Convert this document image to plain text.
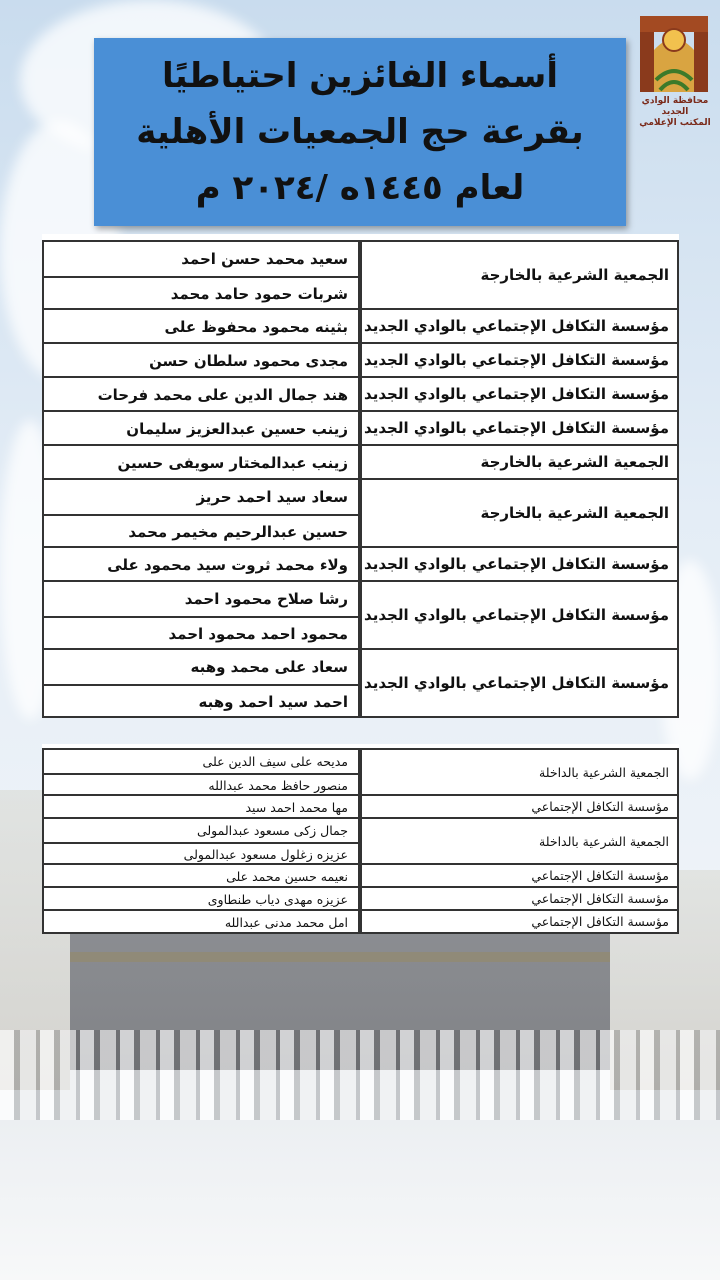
محافظة الوادي الجديد
المكتب الإعلامي
أسماء الفائزين احتياطيًا
بقرعة حج الجمعيات الأهلية
لعام ١٤٤٥ه /٢٠٢٤ م
سعيد محمد حسن احمد
شربات حمود حامد محمد
بثينه محمود محفوظ على
مجدى محمود سلطان حسن
هند جمال الدين على محمد فرحات
زينب حسين عبدالعزيز سليمان
زينب عبدالمختار سويفى حسين
سعاد سيد احمد حريز
حسين عبدالرحيم مخيمر محمد
ولاء محمد ثروت سيد محمود على
رشا صلاح محمود احمد
محمود احمد محمود احمد
سعاد على محمد وهبه
احمد سيد احمد وهبه
الجمعية الشرعية بالخارجة
مؤسسة التكافل الإجتماعي بالوادي الجديد
مؤسسة التكافل الإجتماعي بالوادي الجديد
مؤسسة التكافل الإجتماعي بالوادي الجديد
مؤسسة التكافل الإجتماعي بالوادي الجديد
الجمعية الشرعية بالخارجة
الجمعية الشرعية بالخارجة
مؤسسة التكافل الإجتماعي بالوادي الجديد
مؤسسة التكافل الإجتماعي بالوادي الجديد
مؤسسة التكافل الإجتماعي بالوادي الجديد
مديحه على سيف الدين على
منصور حافظ محمد عبدالله
مها محمد احمد سيد
جمال زكى مسعود عبدالمولى
عزيزه زغلول مسعود عبدالمولى
نعيمه حسين محمد على
عزيزه مهدى دياب طنطاوى
امل محمد مدنى عبدالله
الجمعية الشرعية بالداخلة
مؤسسة التكافل الإجتماعي
الجمعية الشرعية بالداخلة
مؤسسة التكافل الإجتماعي
مؤسسة التكافل الإجتماعي
مؤسسة التكافل الإجتماعي
